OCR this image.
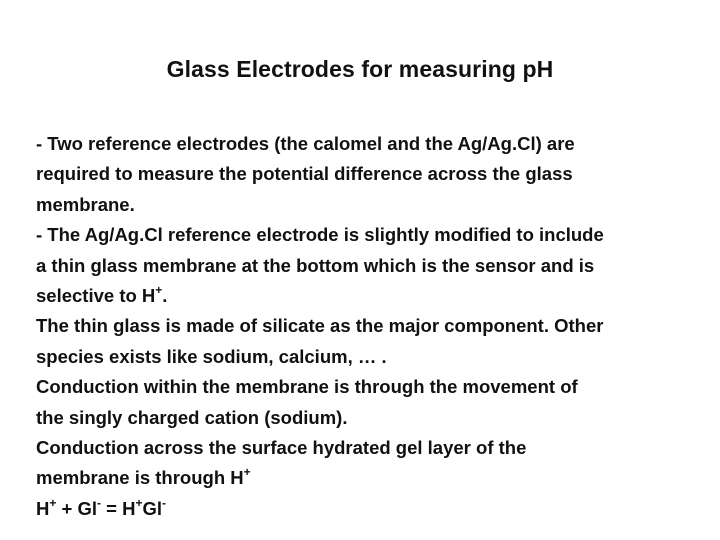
Glass Electrodes for measuring pH
- Two reference electrodes (the calomel and the Ag/Ag.Cl) are
required to measure the potential difference across the glass
membrane.
- The Ag/Ag.Cl reference electrode is slightly modified to include
a thin glass membrane at the bottom which is the sensor and is
selective to H+.
The thin glass is made of silicate as the major component. Other
species exists like sodium, calcium, … .
Conduction within the membrane is through the movement of
the singly charged cation (sodium).
Conduction across the surface hydrated gel layer of the
membrane is through H+
H+ + Gl- = H+Gl-
